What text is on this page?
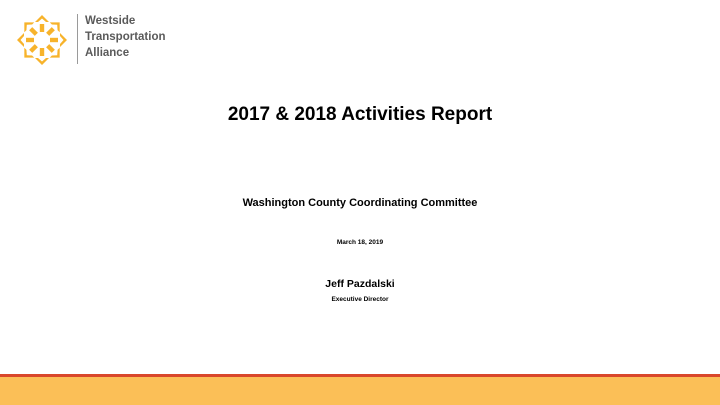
Westside
Transportation
Alliance
2017 & 2018 Activities Report
Washington County Coordinating Committee
March 18, 2019
Jeff Pazdalski
Executive Director
